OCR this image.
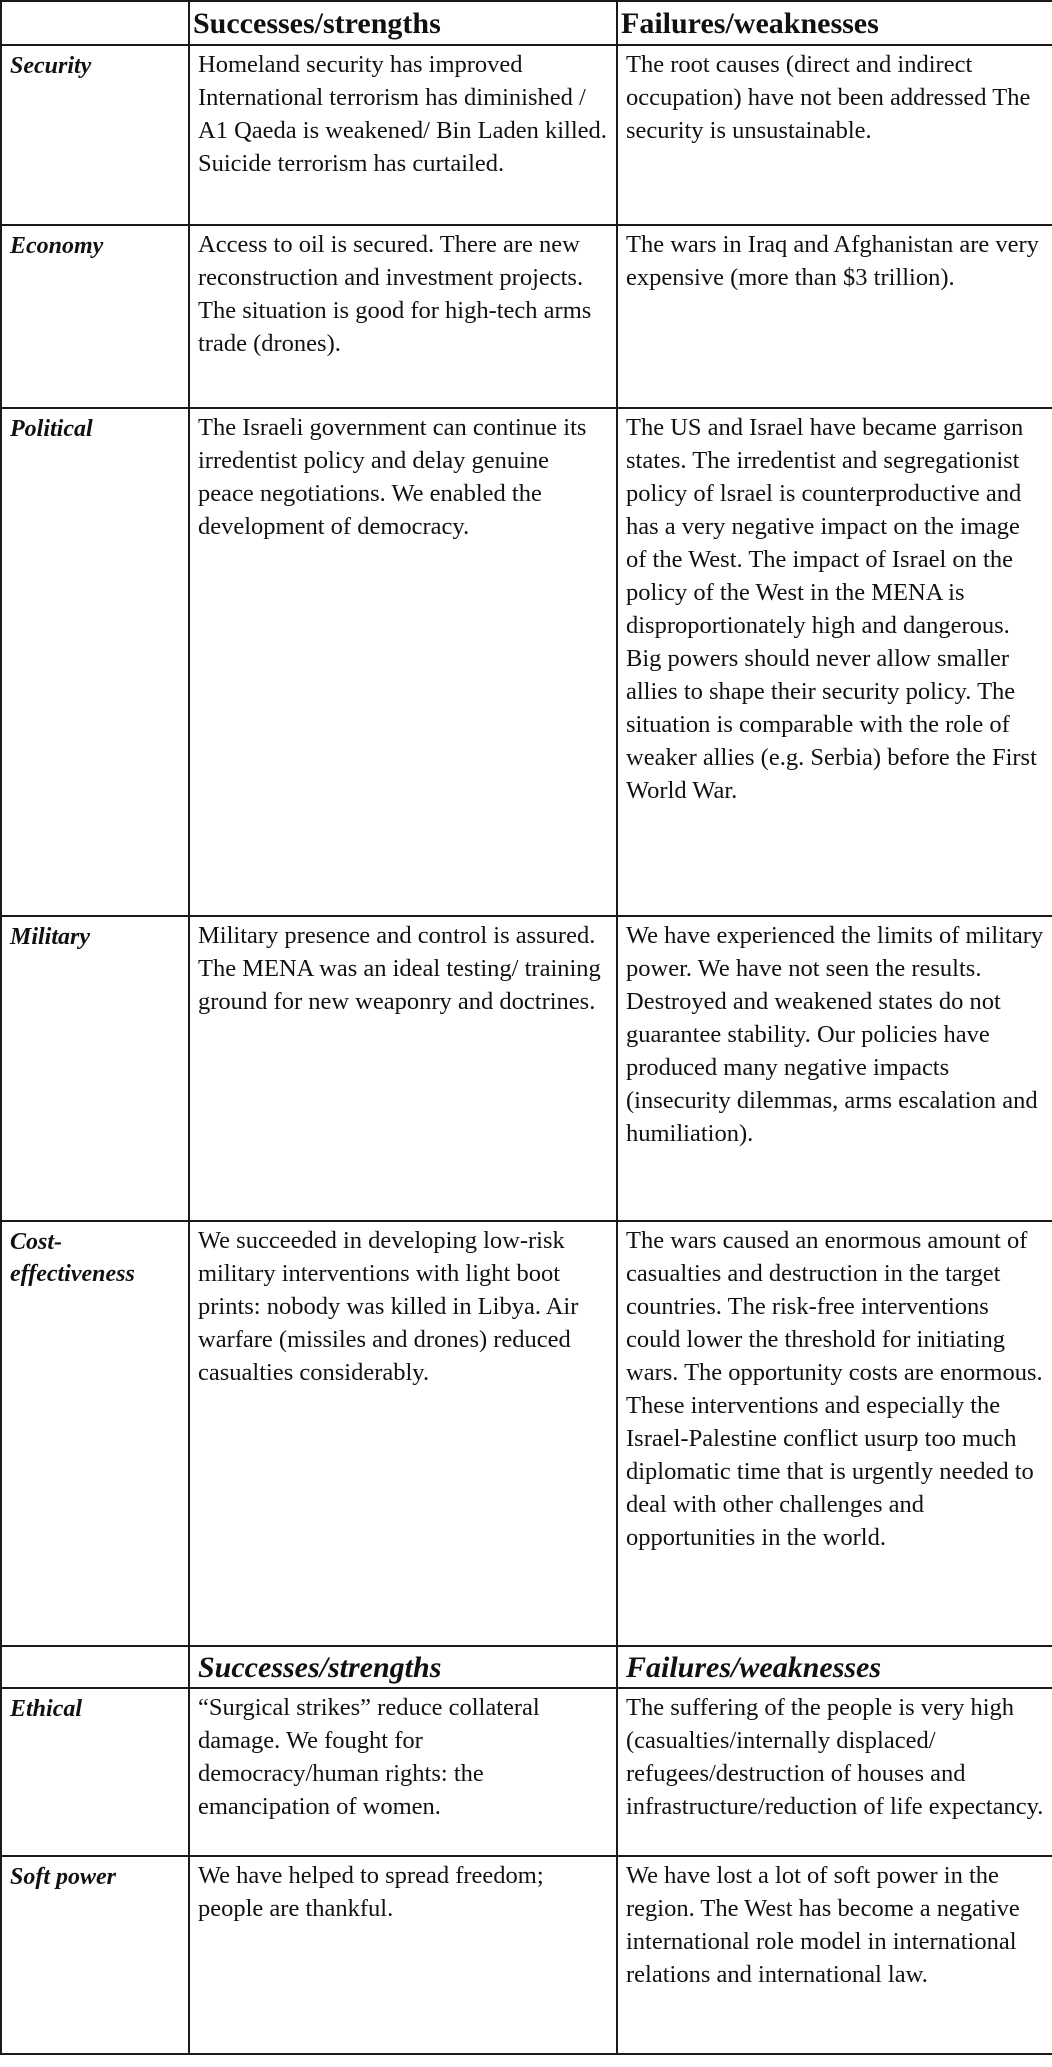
	Successes/strengths	Failures/weaknesses
Security	Homeland security has improved International terrorism has diminished / A1 Qaeda is weakened/ Bin Laden killed. Suicide terrorism has curtailed.	The root causes (direct and indirect occupation) have not been addressed The security is unsustainable.
Economy	Access to oil is secured. There are new reconstruction and investment projects. The situation is good for high-tech arms trade (drones).	The wars in Iraq and Afghanistan are very expensive (more than $3 trillion).
Political	The Israeli government can continue its irredentist policy and delay genuine peace negotiations. We enabled the development of democracy.	The US and Israel have became garrison states. The irredentist and segregationist policy of lsrael is counterproductive and has a very negative impact on the image of the West. The impact of Israel on the policy of the West in the MENA is disproportionately high and dangerous. Big powers should never allow smaller allies to shape their security policy. The situation is comparable with the role of weaker allies (e.g. Serbia) before the First World War.
Military	Military presence and control is assured. The MENA was an ideal testing/ training ground for new weaponry and doctrines.	We have experienced the limits of military power. We have not seen the results. Destroyed and weakened states do not guarantee stability. Our policies have produced many negative impacts (insecurity dilemmas, arms escalation and humiliation).
Cost-effectiveness	We succeeded in developing low-risk military interventions with light boot prints: nobody was killed in Libya. Air warfare (missiles and drones) reduced casualties considerably.	The wars caused an enormous amount of casualties and destruction in the target countries. The risk-free interventions could lower the threshold for initiating wars. The opportunity costs are enormous. These interventions and especially the Israel-Palestine conflict usurp too much diplomatic time that is urgently needed to deal with other challenges and opportunities in the world.
	Successes/strengths	Failures/weaknesses
Ethical	“Surgical strikes” reduce collateral damage. We fought for democracy/human rights: the emancipation of women.	The suffering of the people is very high (casualties/internally displaced/ refugees/destruction of houses and infrastructure/reduction of life expectancy.
Soft power	We have helped to spread freedom; people are thankful.	We have lost a lot of soft power in the region. The West has become a negative international role model in international relations and international law.
